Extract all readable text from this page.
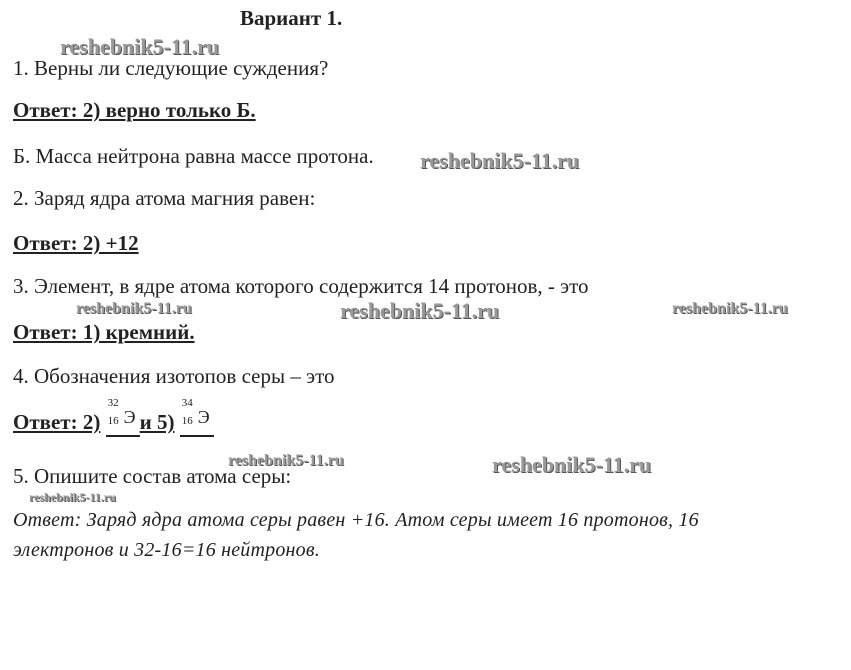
Вариант 1.
reshebnik5-11.ru
1. Верны ли следующие суждения?
Ответ: 2) верно только Б.
Б. Масса нейтрона равна массе протона. reshebnik5-11.ru
2. Заряд ядра атома магния равен:
Ответ: 2) +12
3. Элемент, в ядре атома которого содержится 14 протонов, - это
reshebnik5-11.ru	reshebnik5-11.ru	reshebnik5-11.ru
Ответ: 1) кремний.
4. Обозначения изотопов серы – это
Ответ: 2)
32
16 Э и 5)
34
16 Э
reshebnik5-11.ru	reshebnik5-11.ru
5. Опишите состав атома серы:
reshebnik5-11.ru
Ответ: Заряд ядра атома серы равен +16. Атом серы имеет 16 протонов, 16
электронов и 32-16=16 нейтронов.
